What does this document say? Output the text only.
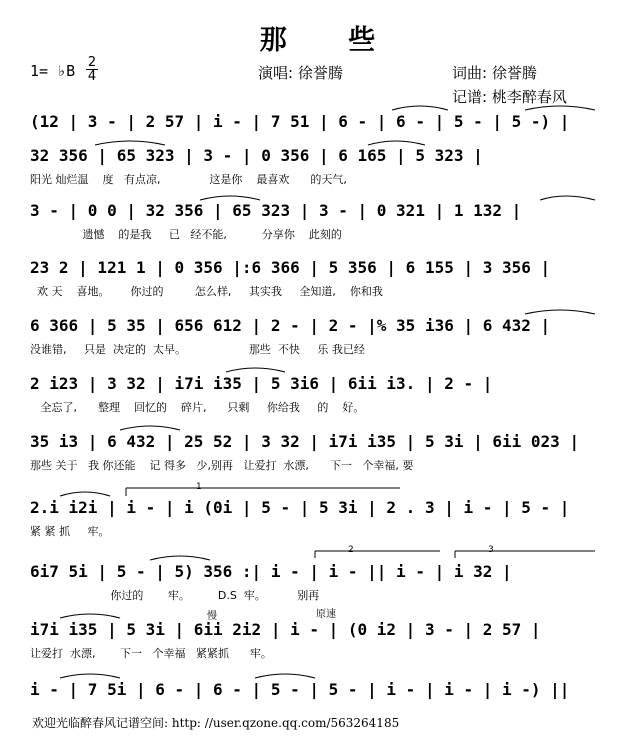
那 些
1= ♭B 2
4	演唱: 徐誉腾	词曲: 徐誉腾
记谱: 桃李醉春风
(12 | 3 - | 2 57 | i - | 7 51 | 6 - | 6 - | 5 - | 5 -) |
32 356 | 65 323 | 3 - | 0 356 | 6 165 | 5 323 |
阳光 灿烂温    度   有点凉,              这是你    最喜欢      的天气,
3 - | 0 0 | 32 356 | 65 323 | 3 - | 0 321 | 1 132 |
遗憾    的是我     已   经不能,          分享你    此刻的
23 2 | 121 1 | 0 356 |:6 366 | 5 356 | 6 155 | 3 356 |
欢 天    喜地。      你过的         怎么样,     其实我     全知道,    你和我
6 366 | 5 35 | 656 612 | 2 - | 2 - |% 35 i36 | 6 432 |
没谁错,     只是  决定的  太早。                  那些  不快     乐 我已经
2 i23 | 3 32 | i7i i35 | 5 3i6 | 6ii i3. | 2 - |
全忘了,      整理    回忆的    碎片,      只剩     你给我     的    好。
35 i3 | 6 432 | 25 52 | 3 32 | i7i i35 | 5 3i | 6ii 023 |
那些 关于   我 你还能    记 得多   少,别再   让爱打  水漂,      下一   个幸福, 要
2.i i2i | i - | i (0i | 5 - | 5 3i | 2 . 3 | i - | 5 - |
紧 紧 抓     牢。
6i7 5i | 5 - | 5) 356 :| i - | i - || i - | i 32 |
你过的       牢。        D.S  牢。         别再
i7i i35 | 5 3i | 6ii 2i2 | i - | (0 i2 | 3 - | 2 57 |
让爱打  水漂,       下一   个幸福   紧紧抓      牢。
i - | 7 5i | 6 - | 6 - | 5 - | 5 - | i - | i - | i -) ||
慢	原速
1
2	3
欢迎光临醉春风记谱空间: http: //user.qzone.qq.com/563264185
